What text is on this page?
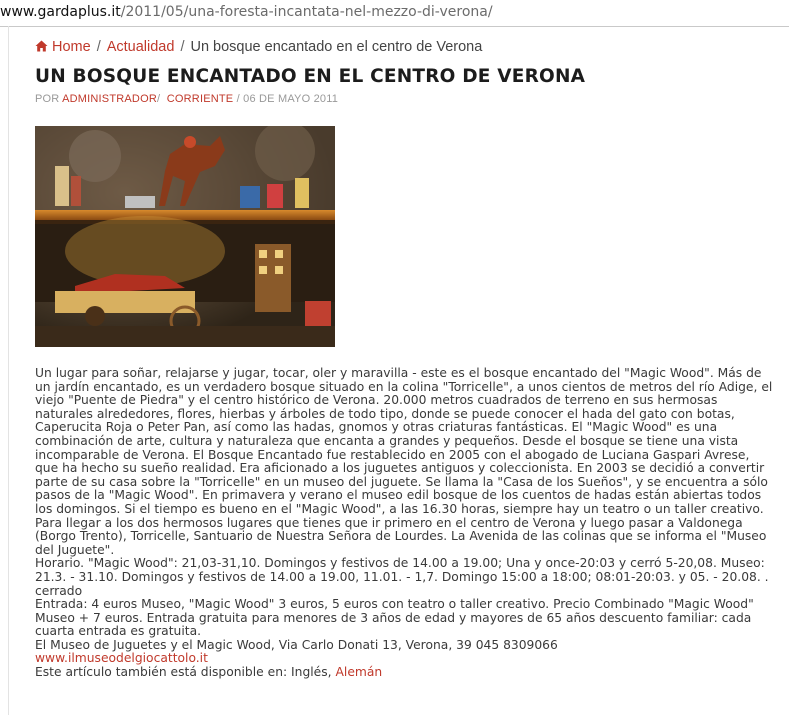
www.gardaplus.it/2011/05/una-foresta-incantata-nel-mezzo-di-verona/
Home / Actualidad / Un bosque encantado en el centro de Verona
UN BOSQUE ENCANTADO EN EL CENTRO DE VERONA
POR ADMINISTRADOR/ CORRIENTE / 06 DE MAYO 2011

Un lugar para soñar, relajarse y jugar, tocar, oler y maravilla - este es el bosque encantado del "Magic Wood". Más de un jardín encantado, es un verdadero bosque situado en la colina "Torricelle", a unos cientos de metros del río Adige, el viejo "Puente de Piedra" y el centro histórico de Verona. 20.000 metros cuadrados de terreno en sus hermosas naturales alrededores, flores, hierbas y árboles de todo tipo, donde se puede conocer el hada del gato con botas, Caperucita Roja o Peter Pan, así como las hadas, gnomos y otras criaturas fantásticas. El "Magic Wood" es una combinación de arte, cultura y naturaleza que encanta a grandes y pequeños. Desde el bosque se tiene una vista incomparable de Verona. El Bosque Encantado fue restablecido en 2005 con el abogado de Luciana Gaspari Avrese, que ha hecho su sueño realidad. Era aficionado a los juguetes antiguos y coleccionista. En 2003 se decidió a convertir parte de su casa sobre la "Torricelle" en un museo del juguete. Se llama la "Casa de los Sueños", y se encuentra a sólo pasos de la "Magic Wood". En primavera y verano el museo edil bosque de los cuentos de hadas están abiertas todos los domingos. Si el tiempo es bueno en el "Magic Wood", a las 16.30 horas, siempre hay un teatro o un taller creativo. Para llegar a los dos hermosos lugares que tienes que ir primero en el centro de Verona y luego pasar a Valdonega (Borgo Trento), Torricelle, Santuario de Nuestra Señora de Lourdes. La Avenida de las colinas que se informa el "Museo del Juguete".

Horario. "Magic Wood": 21,03-31,10. Domingos y festivos de 14.00 a 19.00; Una y once-20:03 y cerró 5-20,08. Museo: 21.3. - 31.10. Domingos y festivos de 14.00 a 19.00, 11.01. - 1,7. Domingo 15:00 a 18:00; 08:01-20:03. y 05. - 20.08. . cerrado

Entrada: 4 euros Museo, "Magic Wood" 3 euros, 5 euros con teatro o taller creativo. Precio Combinado "Magic Wood" Museo + 7 euros. Entrada gratuita para menores de 3 años de edad y mayores de 65 años descuento familiar: cada cuarta entrada es gratuita.

El Museo de Juguetes y el Magic Wood, Via Carlo Donati 13, Verona, 39 045 8309066

www.ilmuseodelgiocattolo.it

Este artículo también está disponible en: Inglés, Alemán
